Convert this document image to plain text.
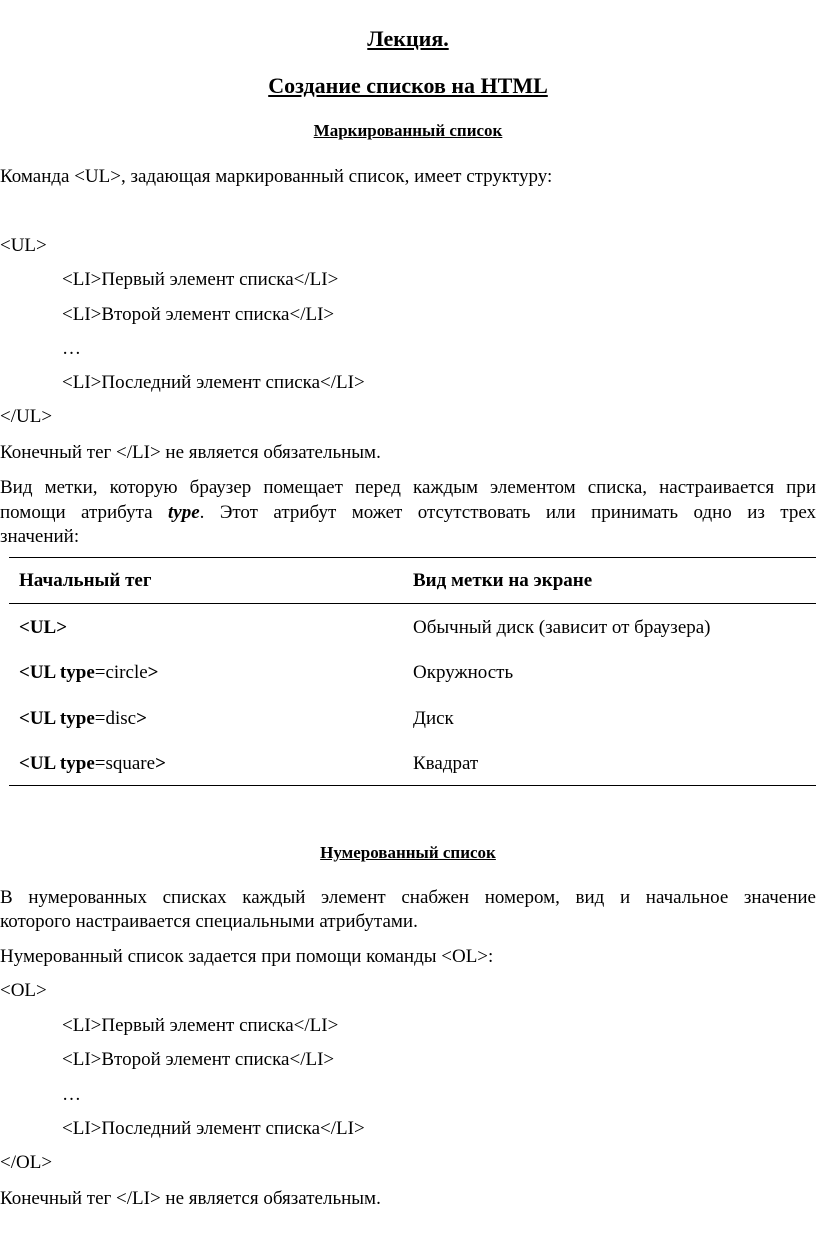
Лекция.
Создание списков на HTML
Маркированный список
Команда <UL>, задающая маркированный список, имеет структуру:
<UL>
<LI>Первый элемент списка</LI>
<LI>Второй элемент списка</LI>
…
<LI>Последний элемент списка</LI>
</UL>
Конечный тег </LI> не является обязательным.
Вид метки, которую браузер помещает перед каждым элементом списка, настраивается при
помощи атрибута type. Этот атрибут может отсутствовать или принимать одно из трех
значений:
Начальный тег	Вид метки на экране
<UL>	Обычный диск (зависит от браузера)
<UL type=circle>	Окружность
<UL type=disc>	Диск
<UL type=square>	Квадрат
Нумерованный список
В нумерованных списках каждый элемент снабжен номером, вид и начальное значение
которого настраивается специальными атрибутами.
Нумерованный список задается при помощи команды <OL>:
<OL>
<LI>Первый элемент списка</LI>
<LI>Второй элемент списка</LI>
…
<LI>Последний элемент списка</LI>
</OL>
Конечный тег </LI> не является обязательным.
